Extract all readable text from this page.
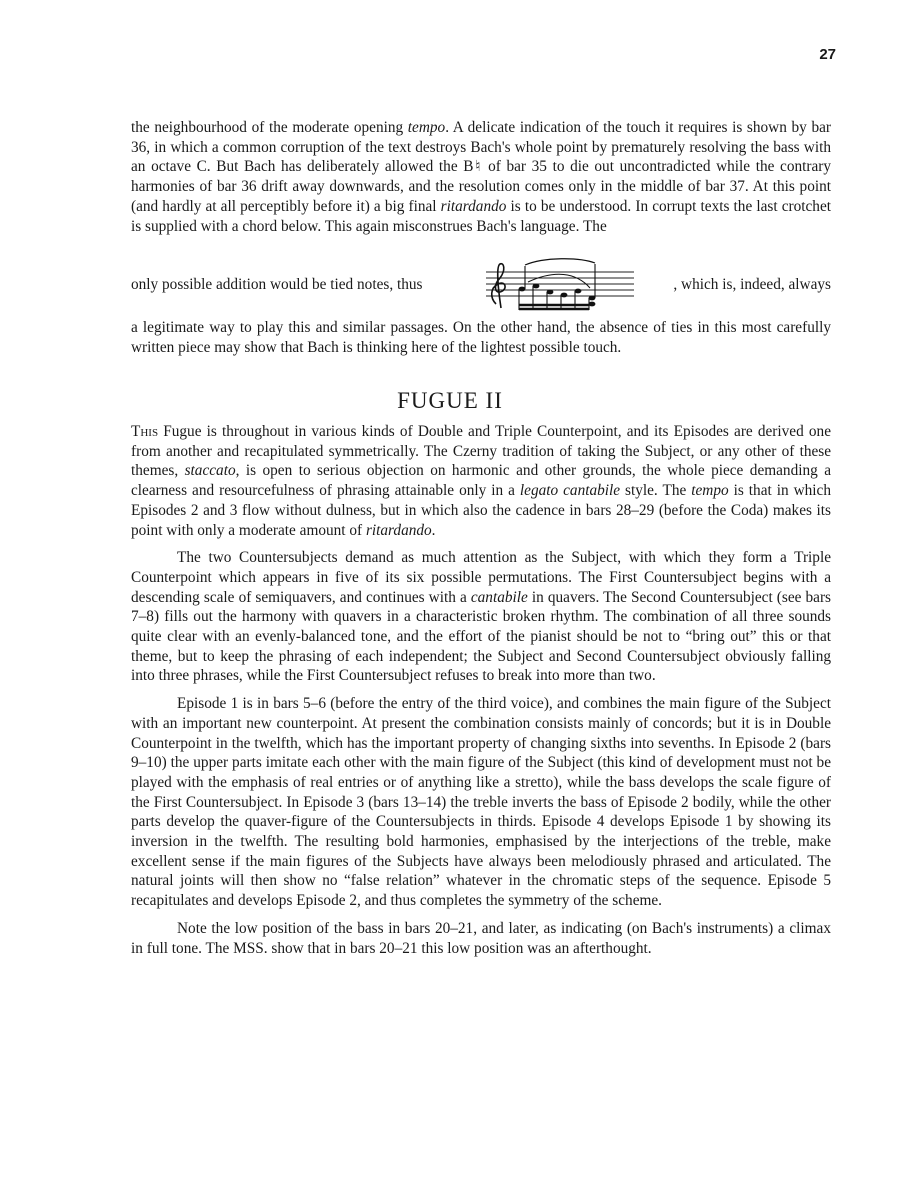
27

the neighbourhood of the moderate opening tempo. A delicate indication of the touch it requires is shown by bar 36, in which a common corruption of the text destroys Bach's whole point by prematurely resolving the bass with an octave C. But Bach has deliberately allowed the B♮ of bar 35 to die out uncontradicted while the contrary harmonies of bar 36 drift away downwards, and the resolution comes only in the middle of bar 37. At this point (and hardly at all perceptibly before it) a big final ritardando is to be understood. In corrupt texts the last crotchet is supplied with a chord below. This again misconstrues Bach's language. The

only possible addition would be tied notes, thus	, which is, indeed, always

a legitimate way to play this and similar passages. On the other hand, the absence of ties in this most carefully written piece may show that Bach is thinking here of the lightest possible touch.

FUGUE II

This Fugue is throughout in various kinds of Double and Triple Counterpoint, and its Episodes are derived one from another and recapitulated symmetrically. The Czerny tradition of taking the Subject, or any other of these themes, staccato, is open to serious objection on harmonic and other grounds, the whole piece demanding a clearness and resourcefulness of phrasing attainable only in a legato cantabile style. The tempo is that in which Episodes 2 and 3 flow without dulness, but in which also the cadence in bars 28–29 (before the Coda) makes its point with only a moderate amount of ritardando.

The two Countersubjects demand as much attention as the Subject, with which they form a Triple Counterpoint which appears in five of its six possible permutations. The First Countersubject begins with a descending scale of semiquavers, and continues with a cantabile in quavers. The Second Countersubject (see bars 7–8) fills out the harmony with quavers in a characteristic broken rhythm. The combination of all three sounds quite clear with an evenly-balanced tone, and the effort of the pianist should be not to “bring out” this or that theme, but to keep the phrasing of each independent; the Subject and Second Countersubject obviously falling into three phrases, while the First Countersubject refuses to break into more than two.

Episode 1 is in bars 5–6 (before the entry of the third voice), and combines the main figure of the Subject with an important new counterpoint. At present the combination consists mainly of concords; but it is in Double Counterpoint in the twelfth, which has the important property of changing sixths into sevenths. In Episode 2 (bars 9–10) the upper parts imitate each other with the main figure of the Subject (this kind of development must not be played with the emphasis of real entries or of anything like a stretto), while the bass develops the scale figure of the First Countersubject. In Episode 3 (bars 13–14) the treble inverts the bass of Episode 2 bodily, while the other parts develop the quaver-figure of the Countersubjects in thirds. Episode 4 develops Episode 1 by showing its inversion in the twelfth. The resulting bold harmonies, emphasised by the interjections of the treble, make excellent sense if the main figures of the Subjects have always been melodiously phrased and articulated. The natural joints will then show no “false relation” whatever in the chromatic steps of the sequence. Episode 5 recapitulates and develops Episode 2, and thus completes the symmetry of the scheme.

Note the low position of the bass in bars 20–21, and later, as indicating (on Bach's instruments) a climax in full tone. The MSS. show that in bars 20–21 this low position was an afterthought.
